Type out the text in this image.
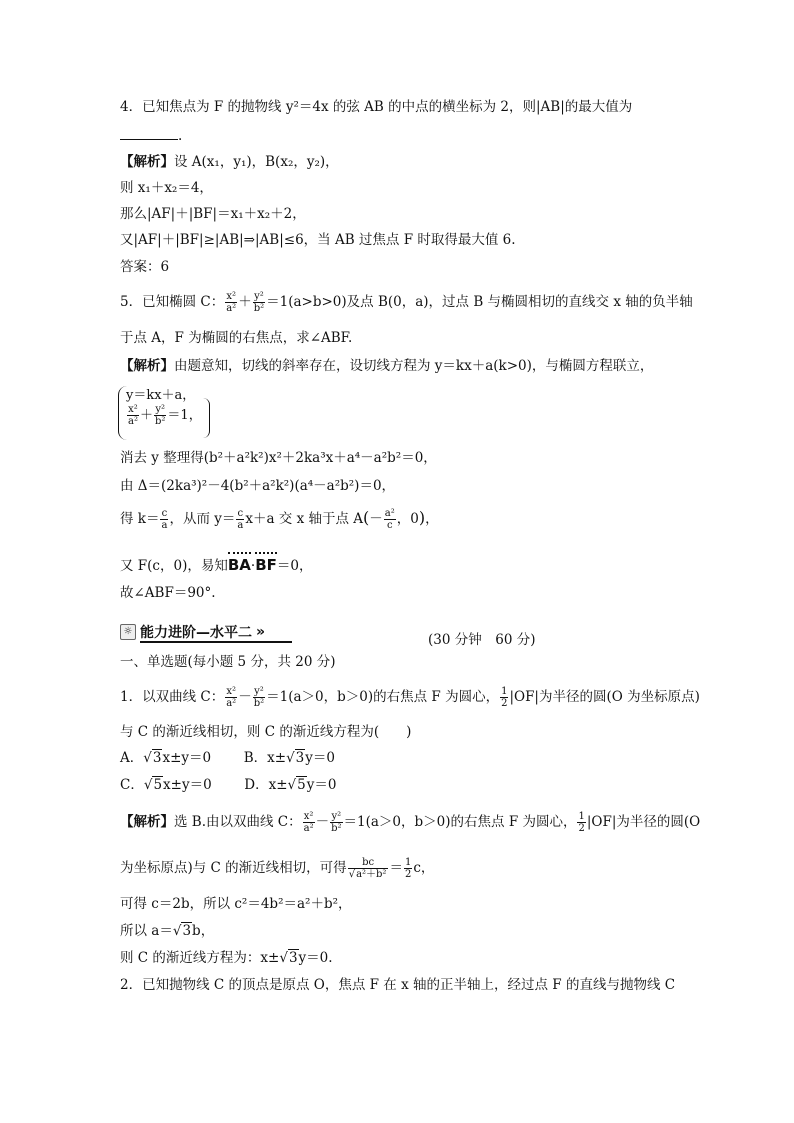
4．已知焦点为 F 的抛物线 y²＝4x 的弦 AB 的中点的横坐标为 2，则|AB|的最大值为
.
【解析】设 A(x₁，y₁)，B(x₂，y₂)，
则 x₁＋x₂＝4，
那么|AF|＋|BF|＝x₁＋x₂＋2，
又|AF|＋|BF|≥|AB|⇒|AB|≤6，当 AB 过焦点 F 时取得最大值 6.
答案：6
5．已知椭圆 C： $\frac{\text{x²}}{\text{a²}} + \frac{\text{y²}}{\text{b²}} =1(a>b>0)$及点 B(0，a)，过点 B 与椭圆相切的直线交 x 轴的负半轴
于点 A，F 为椭圆的右焦点，求∠ABF.
【解析】由题意知，切线的斜率存在，设切线方程为 y＝kx＋a(k>0)，与椭圆方程联立，
y＝kx＋a，
$\frac{\text{x²}}{\text{a²}} + \frac{\text{y²}}{\text{b²}} =1$，
消去 y 整理得(b²＋a²k²)x²＋2ka³x＋a⁴－a²b²＝0，
由 Δ＝(2ka³)²－4(b²＋a²k²)(a⁴－a²b²)＝0，
得 $k= \frac{c}{a}$ ，从而 $y= \frac{c}{a} x+a$ 交 x 轴于点 $A(- \frac{\text{a²}}{c}$ ，0)，
又 F(c，0)，易知BA·BF＝0，
故∠ABF＝90°.
☼ 能力进阶—水平二 »	(30 分钟　60 分)
一、单选题(每小题 5 分，共 20 分)
1．以双曲线 C： $\frac{\text{x²}}{\text{a²}} - \frac{\text{y²}}{\text{b²}} =1(a>0$，b＞0)的右焦点 F 为圆心， $\frac{1}{2} |OF|$为半径的圆(O 为坐标原点)
与 C 的渐近线相切，则 C 的渐近线方程为(　　)
A．√3x±y＝0 B．x±√3y＝0
C．√5x±y＝0 D．x±√5y＝0
【解析】选 B.由以双曲线 C： $\frac{\text{x²}}{\text{a²}} - \frac{\text{y²}}{\text{b²}} =1(a>0$，b＞0)的右焦点 F 为圆心， $\frac{1}{2} |OF|$为半径的圆(O
为坐标原点)与 C 的渐近线相切，可得 $\frac{bc}{\text{√a²＋b²}} = \frac{1}{2}$ c，
可得 c＝2b，所以 c²＝4b²＝a²＋b²，
所以 a＝√3b，
则 C 的渐近线方程为：x±√3y＝0.
2．已知抛物线 C 的顶点是原点 O，焦点 F 在 x 轴的正半轴上，经过点 F 的直线与抛物线 C
